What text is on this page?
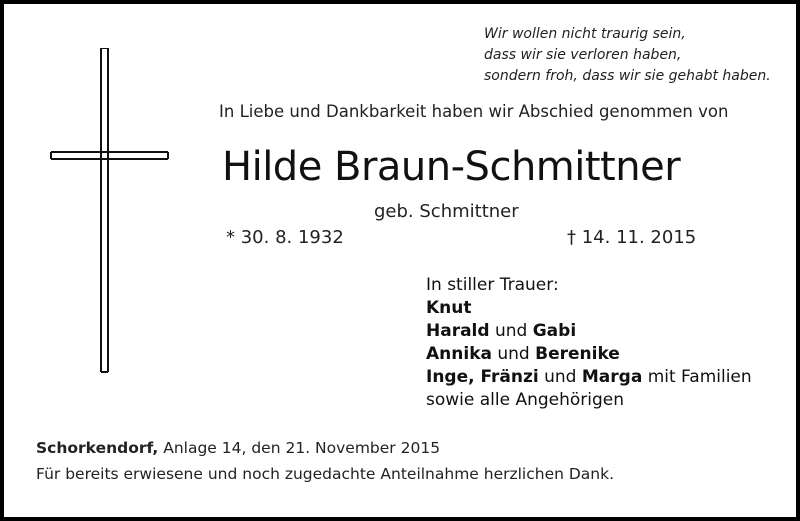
Wir wollen nicht traurig sein,
dass wir sie verloren haben,
sondern froh, dass wir sie gehabt haben.
In Liebe und Dankbarkeit haben wir Abschied genommen von
Hilde Braun-Schmittner
geb. Schmittner
* 30. 8. 1932	† 14. 11. 2015
In stiller Trauer:
Knut
Harald und Gabi
Annika und Berenike
Inge, Fränzi und Marga mit Familien
sowie alle Angehörigen
Schorkendorf, Anlage 14, den 21. November 2015
Für bereits erwiesene und noch zugedachte Anteilnahme herzlichen Dank.
